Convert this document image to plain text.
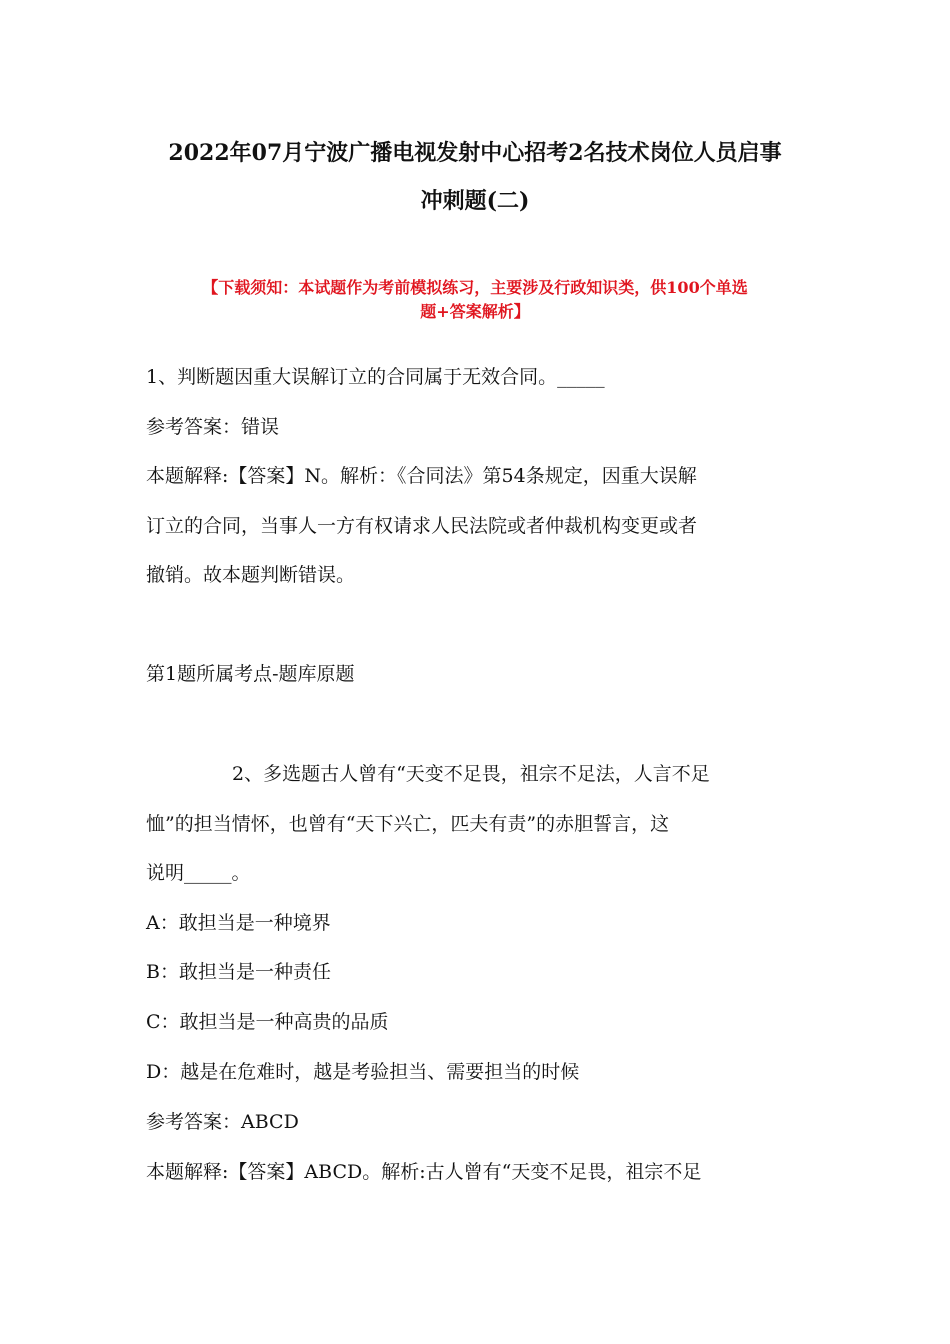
2022年07月宁波广播电视发射中心招考2名技术岗位人员启事
冲刺题(二)
【下载须知：本试题作为考前模拟练习，主要涉及行政知识类，供100个单选
题+答案解析】
1、判断题因重大误解订立的合同属于无效合同。_____
参考答案：错误
本题解释:【答案】N。解析：《合同法》第54条规定，因重大误解
订立的合同，当事人一方有权请求人民法院或者仲裁机构变更或者
撤销。故本题判断错误。
第1题所属考点-题库原题
2、多选题古人曾有“天变不足畏，祖宗不足法，人言不足
恤”的担当情怀，也曾有“天下兴亡，匹夫有责”的赤胆誓言，这
说明_____。
A：敢担当是一种境界
B：敢担当是一种责任
C：敢担当是一种高贵的品质
D：越是在危难时，越是考验担当、需要担当的时候
参考答案：ABCD
本题解释:【答案】ABCD。解析:古人曾有“天变不足畏，祖宗不足
